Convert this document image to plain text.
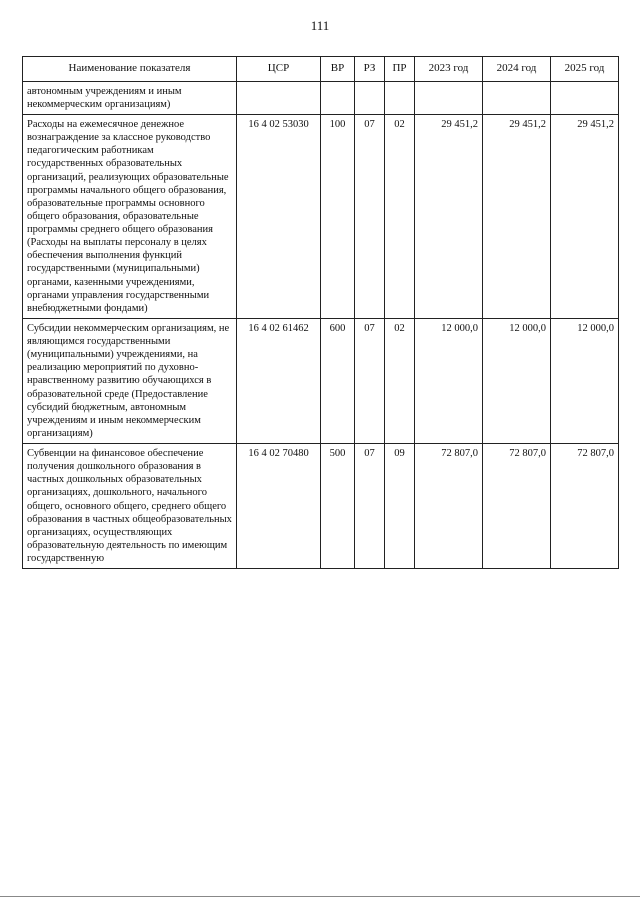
111
Наименование показателя	ЦСР	ВР	РЗ	ПР	2023 год	2024 год	2025 год
автономным учреждениям и иным некоммерческим организациям)							
Расходы на ежемесячное денежное вознаграждение за классное руководство педагогическим работникам государственных образовательных организаций, реализующих образовательные программы начального общего образования, образовательные программы основного общего образования, образовательные программы среднего общего образования (Расходы на выплаты персоналу в целях обеспечения выполнения функций государственными (муниципальными) органами, казенными учреждениями, органами управления государственными внебюджетными фондами)	16 4 02 53030	100	07	02	29 451,2	29 451,2	29 451,2
Субсидии некоммерческим организациям, не являющимся государственными (муниципальными) учреждениями, на реализацию мероприятий по духовно-нравственному развитию обучающихся в образовательной среде (Предоставление субсидий бюджетным, автономным учреждениям и иным некоммерческим организациям)	16 4 02 61462	600	07	02	12 000,0	12 000,0	12 000,0
Субвенции на финансовое обеспечение получения дошкольного образования в частных дошкольных образовательных организациях, дошкольного, начального общего, основного общего, среднего общего образования в частных общеобразовательных организациях, осуществляющих образовательную деятельность по имеющим государственную	16 4 02 70480	500	07	09	72 807,0	72 807,0	72 807,0
